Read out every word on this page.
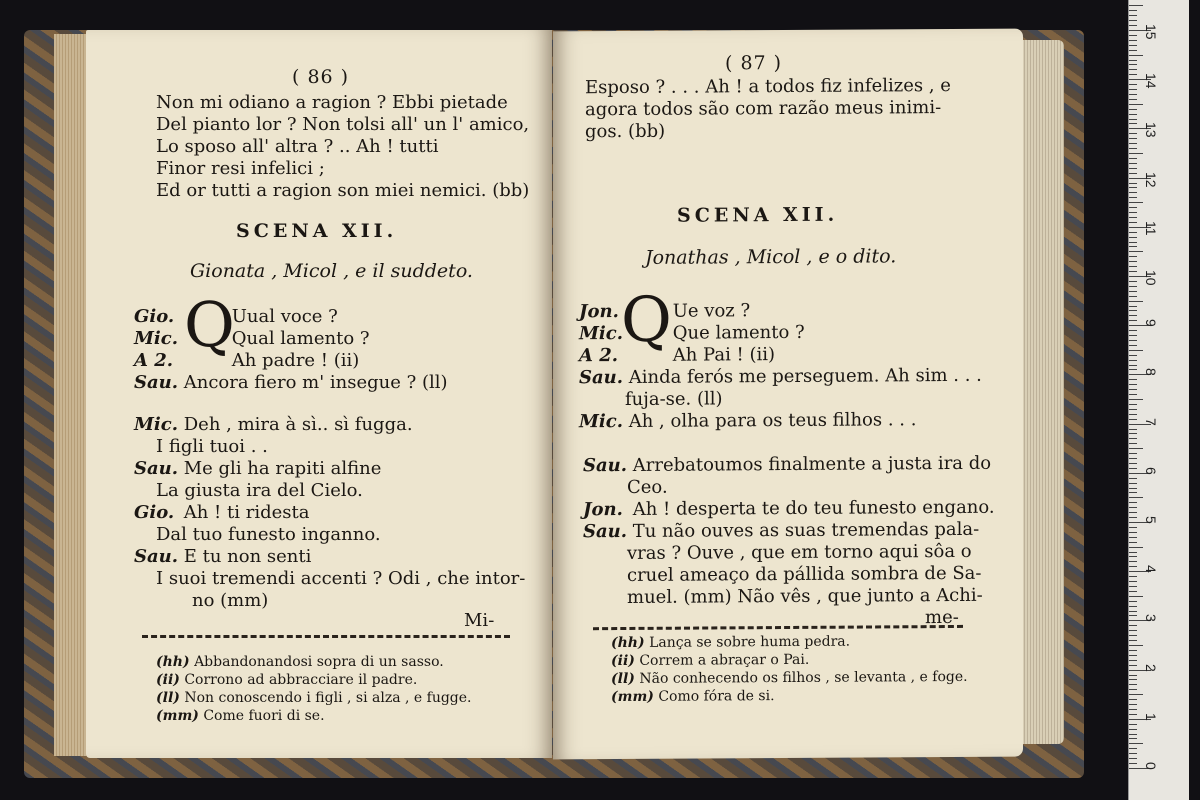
( 86 )
Non mi odiano a ragion ? Ebbi pietade
Del pianto lor ? Non tolsi all' un l' amico,
Lo sposo all' altra ? .. Ah ! tutti
Finor resi infelici ;
Ed or tutti a ragion son miei nemici. (bb)
SCENA XII.
Gionata , Micol , e il suddeto.
Q
Gio.	Uual voce ?
Mic.	Qual lamento ?
A 2.	Ah padre ! (ii)
Sau. Ancora fiero m' insegue ? (ll)
Mic. Deh , mira à sì.. sì fugga.
I figli tuoi . .
Sau. Me gli ha rapiti alfine
La giusta ira del Cielo.
Gio. Ah ! ti ridesta
Dal tuo funesto inganno.
Sau. E tu non senti
I suoi tremendi accenti ? Odi , che intor-
no (mm)
Mi-
(hh) Abbandonandosi sopra di un sasso.
(ii) Corrono ad abbracciare il padre.
(ll) Non conoscendo i figli , si alza , e fugge.
(mm) Come fuori di se.
( 87 )
Esposo ? . . . Ah ! a todos fiz infelizes , e
agora todos são com razão meus inimi-
gos. (bb)
SCENA XII.
Jonathas , Micol , e o dito.
Q
Jon.	Ue voz ?
Mic.	Que lamento ?
A 2.	Ah Pai ! (ii)
Sau. Ainda ferós me perseguem. Ah sim . . .
fuja-se. (ll)
Mic. Ah , olha para os teus filhos . . .
Sau. Arrebatoumos finalmente a justa ira do
Ceo.
Jon. Ah ! desperta te do teu funesto engano.
Sau. Tu não ouves as suas tremendas pala-
vras ? Ouve , que em torno aqui sôa o
cruel ameaço da pállida sombra de Sa-
muel. (mm) Não vês , que junto a Achi-
me-
(hh) Lança se sobre huma pedra.
(ii) Correm a abraçar o Pai.
(ll) Não conhecendo os filhos , se levanta , e foge.
(mm) Como fóra de si.
0
1
2
3
4
5
6
7
8
9
10
11
12
13
14
15
